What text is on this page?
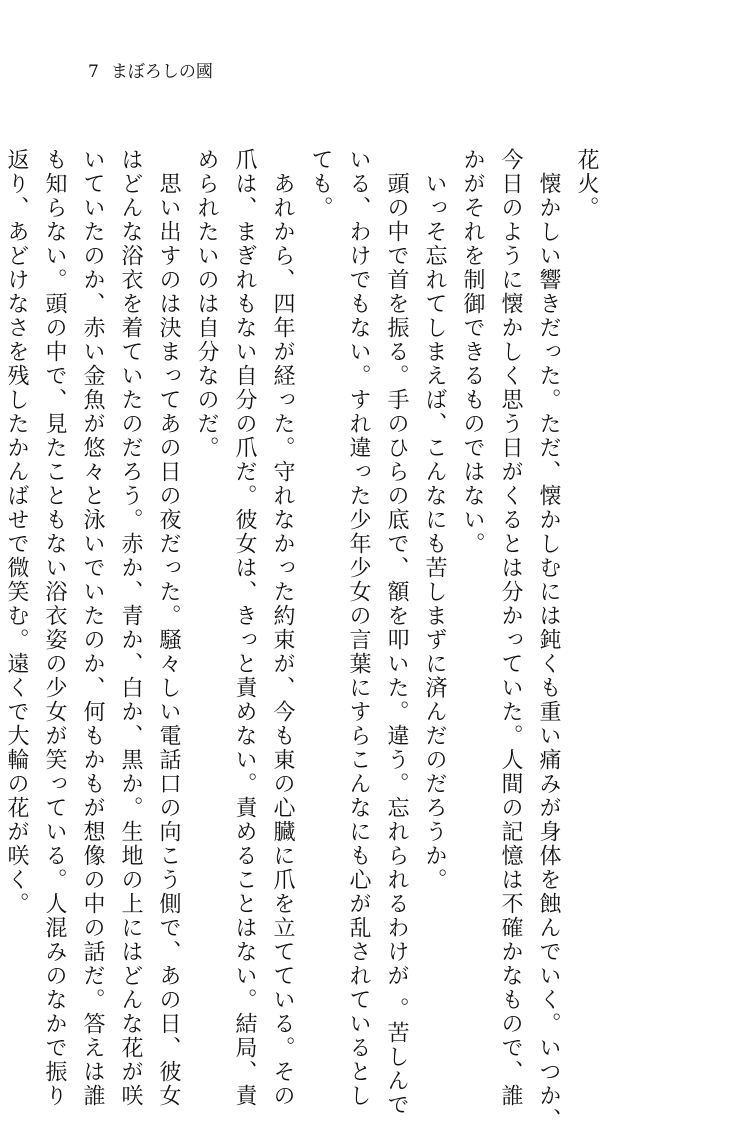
7 まぼろしの國

花火。

　懐かしい響きだった。ただ、懐かしむには鈍くも重い痛みが身体を蝕んでいく。いつか、

今日のように懐かしく思う日がくるとは分かっていた。人間の記憶は不確かなもので、誰

かがそれを制御できるものではない。

　いっそ忘れてしまえば、こんなにも苦しまずに済んだのだろうか。

　頭の中で首を振る。手のひらの底で、額を叩いた。違う。忘れられるわけが 。苦しんで

いる、わけでもない。すれ違った少年少女の言葉にすらこんなにも心が乱されているとし

ても。

　あれから、四年が経った。守れなかった約束が、今も東の心臓に爪を立てている。その

爪は、まぎれもない自分の爪だ。彼女は、きっと責めない。責めることはない。結局、責

められたいのは自分なのだ。

　思い出すのは決まってあの日の夜だった。騒々しい電話口の向こう側で、あの日、彼女

はどんな浴衣を着ていたのだろう。赤か、青か、白か、黒か。生地の上にはどんな花が咲

いていたのか、赤い金魚が悠々と泳いでいたのか、何もかもが想像の中の話だ。答えは誰

も知らない。頭の中で、見たこともない浴衣姿の少女が笑っている。人混みのなかで振り

返り、あどけなさを残したかんばせで微笑む。遠くで大輪の花が咲く。
